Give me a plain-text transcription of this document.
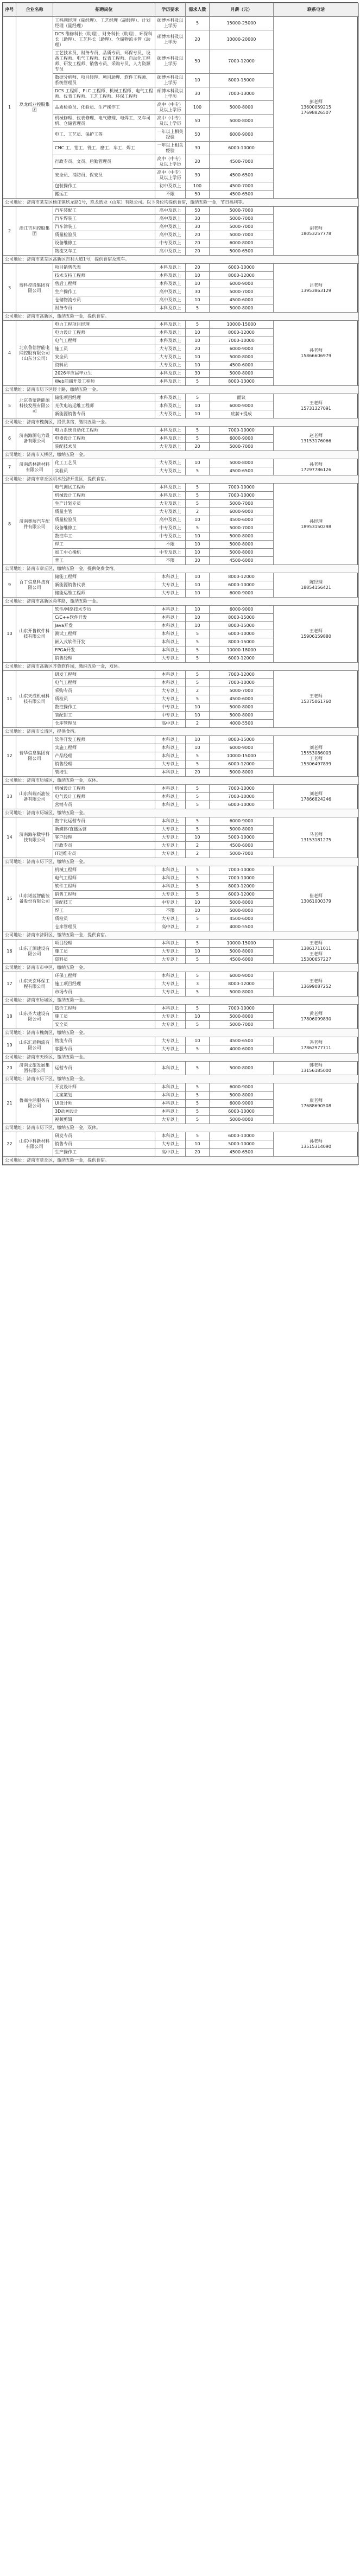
序号	企业名称	招聘岗位	学历要求	需求人数	月薪（元）	联系电话
1	玖龙纸业控股集团	工程副经理（副经理）、工艺经理（副经理）、计划经理（副经理）	硕博本科及以上学历	5	15000-25000	彭老师
13600059215
17698826507

		DCS 维修科长（助理）、财务科长（助理）、环保科长（助理）、工艺科长（助理）、仓储物流主管（助理）	硕博本科及以上学历	20	10000-20000	
		工艺技术员、财务专员、品质专员、环保专员、设备工程师、电气工程师、仪表工程师、自动化工程师、研发工程师、销售专员、采购专员、人力资源专员	硕博本科及以上学历	50	7000-12000	
		数据分析师、项目经理、项目助理、软件工程师、系统管理员	硕博本科及以上学历	10	8000-15000	
		DCS 工程师、PLC 工程师、机械工程师、电气工程师、仪表工程师、工艺工程师、环保工程师	硕博本科及以上学历	30	7000-13000	
		品质检验员、化验员、生产操作工	高中（中专）及以上学历	100	5000-8000	
		机械修理、仪表修理、电气修理、电焊工、叉车司机、仓储管理员	高中（中专）及以上学历	50	5000-8000	
		电工、工艺员、保护工等	一年以上相关经验	50	6000-9000	
		CNC 工、钳工、铣工、磨工、车工、焊工	一年以上相关经验	30	6000-10000	
		行政专员、文员、后勤管理员	高中（中专）及以上学历	20	4500-7000	
		安全员、消防员、保安员	高中（中专）及以上学历	30	4500-6500	
		包装操作工	初中及以上	100	4500-7000	
		搬运工	不限	50	4500-6500	
公司地址：济南市莱芜区杨庄镇玖龙路1号，玖龙纸业（山东）有限公司。以下岗位均提供食宿，缴纳五险一金，节日福利等。						
2	浙江吉利控股集团	汽车装配工	高中及以上	50	5000-7000	胡老师
18053257778

		汽车焊装工	高中及以上	30	5000-7000	
		汽车涂装工	高中及以上	30	5000-7000	
		质量检验员	高中及以上	20	5000-7000	
		设备维修工	中专及以上	20	6000-8000	
		物流叉车工	高中及以上	20	5000-6500	
公司地址：济南市莱芜区高新区吉利大道1号，提供食宿及班车。						
3	博科控股集团有限公司	项目销售代表	本科及以上	20	6000-10000	吕老师
13953863129

		技术支持工程师	本科及以上	10	8000-12000	
		售后工程师	本科及以上	10	6000-9000	
		生产操作工	高中及以上	30	5000-7000	
		仓储物流专员	高中及以上	10	4500-6000	
		财务专员	本科及以上	5	5000-8000	
公司地址：济南市高新区，缴纳五险一金，提供食宿。						
4	北京鲁信智能电网控股有限公司（山东分公司）	电力工程项目经理	本科及以上	5	10000-15000	孙老师
15866606979

		电力设计工程师	本科及以上	10	8000-12000	
		电气工程师	本科及以上	10	7000-10000	
		施工员	大专及以上	20	6000-9000	
		安全员	大专及以上	10	5000-8000	
		资料员	大专及以上	10	4500-6000	
		2026年应届毕业生	本科及以上	30	5000-8000	
		Web前端开发工程师	本科及以上	5	8000-13000	
公司地址：济南市历下区经十路，缴纳五险一金。						
5	北京鲁蒙新能源科技发展有限公司	储能项目经理	本科及以上	5	面议	王老师
15731327091

		光伏电站运维工程师	本科及以上	10	6000-9000	
		新能源销售专员	大专及以上	10	底薪+提成	
公司地址：济南市槐荫区，提供食宿，缴纳五险一金。						
6	济南海源电力设备有限公司	电力系统自动化工程师	本科及以上	5	7000-10000	赵老师
13153176066

		电器设计工程师	本科及以上	5	6000-9000	
		装配技术员	大专及以上	20	5000-7000	
公司地址：济南市天桥区，缴纳五险一金。						
7	济南浩林新材料有限公司	化工工艺员	大专及以上	10	5000-8000	孙老师
17297786126

		实验员	大专及以上	5	4500-6500	
公司地址：济南市章丘区明水经济开发区，提供食宿。						
8	济南奥展汽车配件有限公司	电气调试工程师	本科及以上	5	7000-10000	孙经理
18953150298

		机械设计工程师	本科及以上	5	7000-10000	
		生产计划专员	大专及以上	5	5000-7000	
		质量主管	大专及以上	2	6000-9000	
		质量检验员	高中及以上	10	4500-6000	
		设备维修工	中专及以上	5	5000-7000	
		数控车工	中专及以上	10	5000-8000	
		焊工	不限	10	5000-8000	
		加工中心操机	中专及以上	10	5000-8000	
		普工	不限	30	4500-6000	
公司地址：济南市章丘区，缴纳五险一金，提供免费食宿。						
9	百丁信息科技有限公司	储能工程师	本科以上	10	8000-12000	陈经理
18854156421

		新能源销售代表	大专以上	10	6000-10000	
		储能运维工程师	大专以上	10	6000-9000	
公司地址：济南市高新区舜华路，缴纳五险一金。						
10	山东开鲁软件科技有限公司	软件/网络技术专员	本科以上	10	6000-9000	王老师
15906159880

		C/C++软件开发	本科以上	10	8000-15000	
		Java开发	本科以上	10	8000-15000	
		测试工程师	本科以上	5	6000-10000	
		嵌入式软件开发	本科以上	5	8000-15000	
		FPGA开发	本科以上	5	10000-18000	
		销售经理	大专以上	5	6000-12000	
公司地址：济南市高新区齐鲁软件园，缴纳五险一金，双休。						
11	山东天成机械科技有限公司	研发工程师	本科以上	5	7000-12000	王老师
15375061760

		电气工程师	本科以上	5	7000-10000	
		采购专员	大专以上	2	5000-7000	
		质检员	大专以上	5	4500-6000	
		数控操作工	中专以上	10	5000-8000	
		装配钳工	中专以上	10	5000-8000	
		仓库管理员	高中以上	2	4000-5500	
公司地址：济南市长清区，提供食宿。						
12	普华信息集团有限公司	软件开发工程师	本科以上	10	8000-15000	刘老师
15553086003
王老师
15306497899

		实施工程师	本科以上	10	6000-9000	
		产品经理	本科以上	5	10000-15000	
		销售经理	大专以上	5	6000-12000	
		管培生	本科以上	20	5000-8000	
公司地址：济南市历城区，缴纳五险一金，双休。						
13	山东科瑞石油装备有限公司	机械设计工程师	本科以上	5	7000-10000	刘老师
17866824246

		电气设计工程师	本科以上	5	7000-10000	
		营销专员	本科以上	5	6000-10000	
公司地址：济南市历城区，缴纳五险一金。						
14	济南海尔数字科技有限公司	数字化运营专员	本科以上	5	6000-9000	马老师
13153181275

		新媒体/直播运营	大专以上	5	5000-8000	
		客户经理	大专以上	10	5000-10000	
		行政专员	大专以上	2	4500-6000	
		IT运维专员	大专以上	2	5000-7000	
公司地址：济南市历下区，缴纳五险一金。						
15	山东诺蓝智能装备股份有限公司	机械工程师	本科以上	5	7000-10000	崔老师
13061000379

		电气工程师	本科以上	5	7000-10000	
		软件工程师	本科以上	5	8000-12000	
		销售工程师	大专以上	5	6000-12000	
		装配技工	中专以上	10	5000-8000	
		焊工	不限	10	5000-8000	
		质检员	大专以上	5	4500-6000	
		仓库管理员	高中以上	2	4000-5500	
公司地址：济南市济阳区，缴纳五险一金，提供食宿。						
16	山东正源建设有限公司	项目经理	本科以上	5	10000-15000	王老师
13861711011
王老师
15300657227

		施工员	大专以上	10	5000-8000	
		资料员	大专以上	5	4500-6000	
公司地址：济南市市中区，缴纳五险一金。						
17	山东天玄环保工程有限公司	环保工程师	本科以上	5	6000-9000	王老师
13699087252

		施工项目经理	大专以上	3	8000-12000	
		市场专员	大专以上	5	5000-8000	
公司地址：济南市历城区，缴纳五险一金。						
18	山东齐大建设有限公司	造价工程师	本科以上	5	7000-10000	黄老师
17806099830

		施工员	大专以上	10	5000-8000	
		安全员	大专以上	5	5000-7000	
公司地址：济南市槐荫区，缴纳五险一金。						
19	山东汇通物流有限公司	物流专员	大专以上	10	4500-6500	冯老师
17862977711

		客服专员	大专以上	5	4000-6000	
公司地址：济南市天桥区，缴纳五险一金。						
20	济南文旅发展集团有限公司	运营专员	本科以上	5	5000-8000	韩老师
13156185000

公司地址：济南市历下区，缴纳五险一金。						
21	鲁商生活服务有限公司	开发设计师	本科以上	5	6000-9000	康老师
17688690508

		文案策划	本科以上	5	5000-8000	
		UI设计师	本科以上	5	6000-9000	
		3D动画设计	本科以上	5	6000-10000	
		视频剪辑	大专以上	5	5000-8000	
公司地址：济南市历下区，缴纳五险一金，双休。						
22	山东中科新材料有限公司	研发专员	本科以上	5	6000-10000	孙老师
13515314090

		销售专员	大专以上	10	5000-10000	
		生产操作工	高中以上	20	4500-6500	
公司地址：济南市章丘区，缴纳五险一金，提供食宿。						
